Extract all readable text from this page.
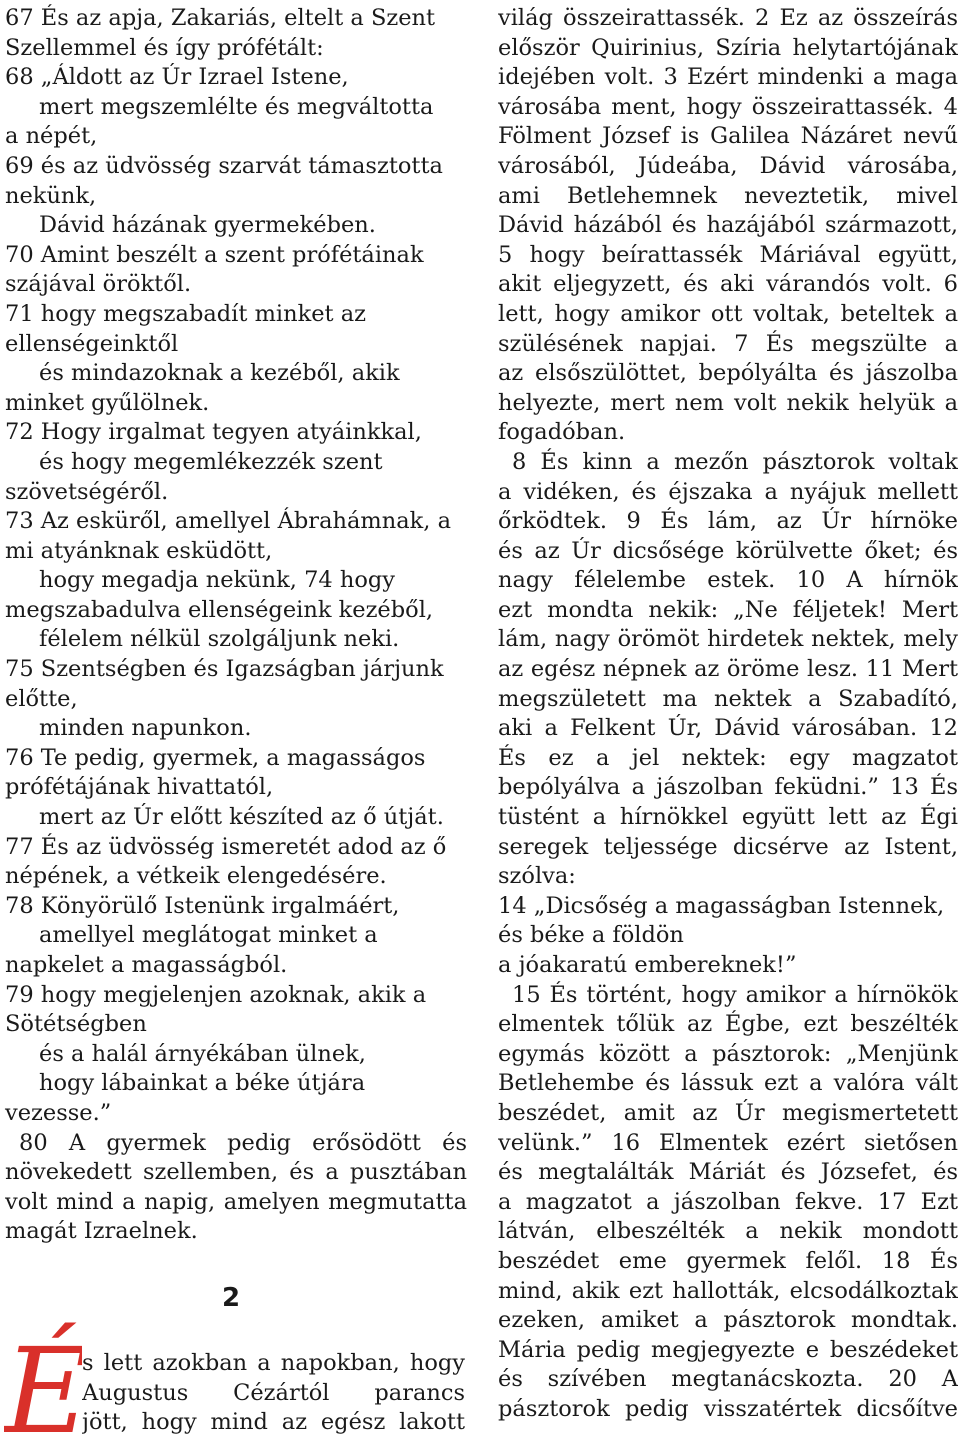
67 És az apja, Zakariás, eltelt a Szent
Szellemmel és így prófétált:
68 „Áldott az Úr Izrael Istene,
mert megszemlélte és megváltotta
a népét,
69 és az üdvösség szarvát támasztotta
nekünk,
Dávid házának gyermekében.
70 Amint beszélt a szent prófétáinak
szájával öröktől.
71 hogy megszabadít minket az
ellenségeinktől
és mindazoknak a kezéből, akik
minket gyűlölnek.
72 Hogy irgalmat tegyen atyáinkkal,
és hogy megemlékezzék szent
szövetségéről.
73 Az esküről, amellyel Ábrahámnak, a
mi atyánknak esküdött,
hogy megadja nekünk, 74 hogy
megszabadulva ellenségeink kezéből,
félelem nélkül szolgáljunk neki.
75 Szentségben és Igazságban járjunk
előtte,
minden napunkon.
76 Te pedig, gyermek, a magasságos
prófétájának hivattatól,
mert az Úr előtt készíted az ő útját.
77 És az üdvösség ismeretét adod az ő
népének, a vétkeik elengedésére.
78 Könyörülő Istenünk irgalmáért,
amellyel meglátogat minket a
napkelet a magasságból.
79 hogy megjelenjen azoknak, akik a
Sötétségben
és a halál árnyékában ülnek,
hogy lábainkat a béke útjára
vezesse.”
80 A gyermek pedig erősödött és
növekedett szellemben, és a pusztában
volt mind a napig, amelyen megmutatta
magát Izraelnek.
2
É
s lett azokban a napokban, hogy
Augustus Cézártól parancs
jött, hogy mind az egész lakott
világ összeirattassék. 2 Ez az összeírás
először Quirinius, Szíria helytartójának
idejében volt. 3 Ezért mindenki a maga
városába ment, hogy összeirattassék. 4
Fölment József is Galilea Názáret nevű
városából, Júdeába, Dávid városába,
ami Betlehemnek neveztetik, mivel
Dávid házából és hazájából származott,
5 hogy beírattassék Máriával együtt,
akit eljegyzett, és aki várandós volt. 6
lett, hogy amikor ott voltak, beteltek a
szülésének napjai. 7 És megszülte a
az elsőszülöttet, bepólyálta és jászolba
helyezte, mert nem volt nekik helyük a
fogadóban.
8 És kinn a mezőn pásztorok voltak
a vidéken, és éjszaka a nyájuk mellett
őrködtek. 9 És lám, az Úr hírnöke
és az Úr dicsősége körülvette őket; és
nagy félelembe estek. 10 A hírnök
ezt mondta nekik: „Ne féljetek! Mert
lám, nagy örömöt hirdetek nektek, mely
az egész népnek az öröme lesz. 11 Mert
megszületett ma nektek a Szabadító,
aki a Felkent Úr, Dávid városában. 12
És ez a jel nektek: egy magzatot
bepólyálva a jászolban feküdni.” 13 És
tüstént a hírnökkel együtt lett az Égi
seregek teljessége dicsérve az Istent,
szólva:
14 „Dicsőség a magasságban Istennek,
és béke a földön
a jóakaratú embereknek!”
15 És történt, hogy amikor a hírnökök
elmentek tőlük az Égbe, ezt beszélték
egymás között a pásztorok: „Menjünk
Betlehembe és lássuk ezt a valóra vált
beszédet, amit az Úr megismertetett
velünk.” 16 Elmentek ezért sietősen
és megtalálták Máriát és Józsefet, és
a magzatot a jászolban fekve. 17 Ezt
látván, elbeszélték a nekik mondott
beszédet eme gyermek felől. 18 És
mind, akik ezt hallották, elcsodálkoztak
ezeken, amiket a pásztorok mondtak.
Mária pedig megjegyezte e beszédeket
és szívében megtanácskozta. 20 A
pásztorok pedig visszatértek dicsőítve
